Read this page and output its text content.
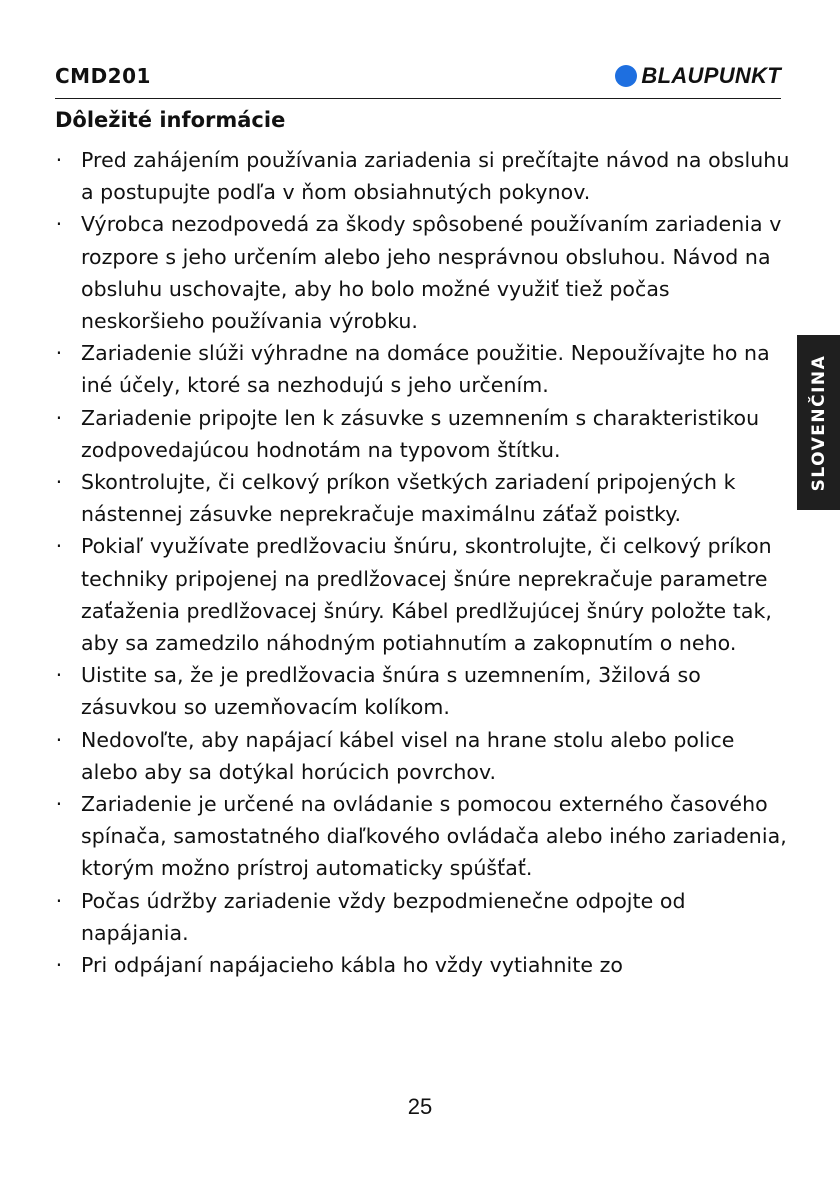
CMD201	BLAUPUNKT
Dôležité informácie
· Pred zahájením používania zariadenia si prečítajte návod na obsluhu a postupujte podľa v ňom obsiahnutých pokynov.
· Výrobca nezodpovedá za škody spôsobené používaním zariadenia v rozpore s jeho určením alebo jeho nesprávnou obsluhou. Návod na obsluhu uschovajte, aby ho bolo možné využiť tiež počas neskoršieho používania výrobku.
· Zariadenie slúži výhradne na domáce použitie. Nepoužívajte ho na iné účely, ktoré sa nezhodujú s jeho určením.
· Zariadenie pripojte len k zásuvke s uzemnením s charakteristikou zodpovedajúcou hodnotám na typovom štítku.
· Skontrolujte, či celkový príkon všetkých zariadení pripojených k nástennej zásuvke neprekračuje maximálnu záťaž poistky.
· Pokiaľ využívate predlžovaciu šnúru, skontrolujte, či celkový príkon techniky pripojenej na predlžovacej šnúre neprekračuje parametre zaťaženia predlžovacej šnúry. Kábel predlžujúcej šnúry položte tak, aby sa zamedzilo náhodným potiahnutím a zakopnutím o neho.
· Uistite sa, že je predlžovacia šnúra s uzemnením, 3žilová so zásuvkou so uzemňovacím kolíkom.
· Nedovoľte, aby napájací kábel visel na hrane stolu alebo police alebo aby sa dotýkal horúcich povrchov.
· Zariadenie je určené na ovládanie s pomocou externého časového spínača, samostatného diaľkového ovládača alebo iného zariadenia, ktorým možno prístroj automaticky spúšťať.
· Počas údržby zariadenie vždy bezpodmienečne odpojte od napájania.
· Pri odpájaní napájacieho kábla ho vždy vytiahnite zo
SLOVENČINA
25
